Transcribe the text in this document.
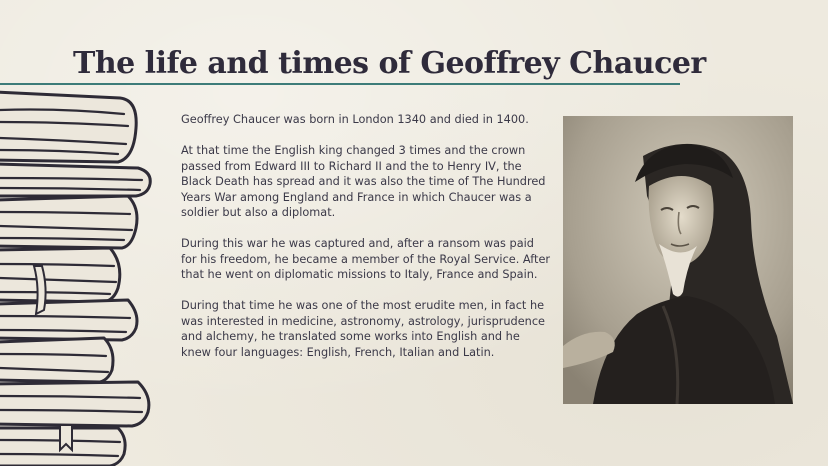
The life and times of Geoffrey Chaucer

Geoffrey Chaucer was born in London 1340 and died in 1400.

At that time the English king changed 3 times and the crown passed from Edward III to Richard II and the to Henry IV, the Black Death has spread and it was also the time of The Hundred Years War among England and France in which Chaucer was a soldier but also a diplomat.

During this war he was captured and, after a ransom was paid for his freedom, he became a member of the Royal Service. After that he went on diplomatic missions to Italy, France and Spain.

During that time he was one of the most erudite men, in fact he was interested in medicine, astronomy, astrology, jurisprudence and alchemy, he translated some works into English and he knew four languages: English, French, Italian and Latin.
